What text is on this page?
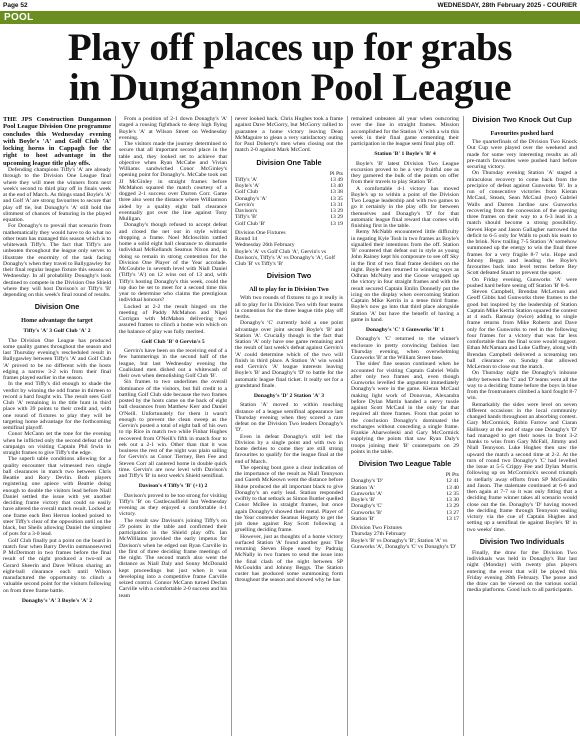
Page 52	WEDNESDAY, 28th February 2025 - COURIER
POOL
Play off places up for grabs
in Dungannon Pool League

THE JPS Construction Dungannon Pool League Division One programme concludes this Wednesday evening with Boyle's 'A' and Golf Club 'A' locking horns in Cappagh for the right to host advantage in the upcoming league title play offs.

Defending champions Tiffy's 'A' are already through to the Division One League final where they will meet the winners from next week's second to third play off in finals week at the end of March. As things stand Boyle's 'A' and Golf 'A' are strong favourites to secure that play off tie, but Donaghy's 'A' still hold the slimmest of chances of featuring in the played equation.

For Donaghy's to prevail that scenario from mathematically they would have to do what no other team has managed this season which is to whitewash Tiffy's. The fact that Tiffy's are unbeaten throughout the league only serves to illustrate the enormity of the task facing Donaghy's when they travel to Ballygawley for their final regular league fixture this season on Wednesday. In all probability Donaghy's look destined to compete in the Division One Shield where they will host Davison's or Tiffy's 'B' depending on this week's final round of results.

Division One
Home advantage the target

Tiffy's 'A' 3 Golf Club 'A' 2

The Division One League has produced some quality games throughout the season and last Thursday evening's rescheduled result in Ballygawley between Tiffy's 'A' and Golf Club 'A' proved to be no different with the hosts edging a narrow 3-2 win from their final frames played earlier in the season.

In the end Tiffy's did enough to shade the verdict by winning the odd frame in thirteen to record a hard fought win. The result sees Golf Club 'A' remaining in the title hunt in third place with 39 points to their credit and, with one round of fixtures to play they will be targeting home advantage for the forthcoming semifinal playoff.

Conor McCann set the tone for the evening when he inflicted only the second defeat of the campaign on visiting Captain Phil Irwin in straight frames to give Tiffy's the edge.

The superb table conditions allowing for a quality encounter that witnessed two single ball clearances in match two between Chris Beattie and Rory Devlin. Both players registering one apiece with Beattie doing enough to double the visitors lead before Niall Daniel settled the issue with yet another deciding frame victory that could so easily have altered the overall match result. Locked at one frame each Ben Herron looked poised to steer Tiffy's clear of the opposition until on the black, but Sheils allowing Daniel the simplest of pots for a 3-0 lead.

Golf Club finally put a point on the board in match four when Barry Devlin outmanoeuvred P McDermott in two frames before the final result of the night produced a two-nil as Gerard Sheerin and Dave Wilson sharing an eight-ball clearance each until Wilson manufactured the opportunity to clinch a valuable second point for the visitors following on from three frame battle.

Donaghy's 'A' 3 Boyle's 'A' 2

From a position of 2-1 down Donaghy's 'A' staged a rousing fightback to deny high flying Boyle's 'A' at Wilson Street on Wednesday evening.

The visitors made the journey determined to secure that all important second place in the table and, they looked set to achieve that objective when Ryan McCabe and Vivian Williams sandwiched Conor McGinley's opening point for Donaghy's. McCabe took out JJ McGinley in straight frames before McMahon squared the match courtesy of a dogged 2-1 success over Darren Corr. Game three also went the distance where Williamson aided by a quality eight ball clearance eventually got over the line against Tony Mulligan.

Donaghy's though refused to accept defeat and closed the net out in style without dropping a frame. Noel McIoscibin rattled home a solid eight ball clearance to dismantle individual McKellands Seamus Nixon and, in doing so remain in strong contention for the Division One Player of the Year accolade. McCoubrie in seventh level with Niall Daniel (Tiffy's 'A') on 12 wins out of 13 and, with Tiffy's hosting Donaghy's this week, could the top duo be set to meet for a second time this year to determine who claims the prestigious individual honours?

Locked at 2-2 the result hinged on the meeting of Paddy McMahon and Nigel Corrigan with McMahon delivering two assured frames to clinch a home win which on the balance of play was fully merited.

Golf Club 'B' 0 Gervin's 5

Gervin's have been on the receiving end of a few hammerings in the second half of the league, but last Wednesday evening the Coalisland men dished out a whitewash of their own when demolishing Golf Club 'B'.

Six frames to two underlines the overall dominance of the visitors, but full credit to a battling Golf Club side because the two frames posted by the hosts came on the back of eight ball clearances from Matthew Kerr and Daniel O'Neill. Unfortunately for them it wasn't enough to prevent the clean sweep as the Gervin's posted a total of eight ball of his own to rip Rice in match two while Finbar Hughes recovered from O'Neill's fifth in match four to eek out a 2-1 win. Other than that it was business the rest of the night was plain sailing for Gervin's as Conor Tierney, Ben Fee and Steven Corr all cantered home in double quick time. Gervin's are now level with Davison's and Tiffy's 'B' in next week's Shield semifinal.

Davison's 4 Tiffy's 'B' (+1) 2

Davison's proved to be too strong for visiting Tiffy's 'B' on Castlecaulfield last Wednesday evening as they enjoyed a comfortable 4-1 victory.

The result saw Davison's joining Tiffy's on 29 points in the table and confirmed their participation in the Shield play offs. Ian McWilliams provided the early impetus for Davison's when he edged out Ryan Carville in the first of three deciding frame meetings of the night. The second match also went the distance as Niall Daly and Sonny McDonald kept proceedings but just when it was developing into a competitive frame Carville seized control. Connor McCann turned Declan Carville with a comfortable 2-0 success and his team

never looked back. Chris Hughes took a frame against Dave McGorry, but McGorry rallied to guarantee a home victory leaving Dean McMaguire to glean a very satisfactory outing for Paul Doherty's men when closing out the match 2-0 against Mark McCord.

Division One Table
	Pl Pts
Tiffy's 'A'	13 49
Boyle's 'A'	13 40
Golf Club	13 38
Donaghy's 'A'	13 35
Gervin's	13 31
Davison's	13 29
Tiffy's 'B'	13 29
Golf Club 'B'	13 19
Division One Fixtures
Round 14
Wednesday 26th February
Boyle's 'A' vs Golf Club 'A', Gervin's vs Davison's, Tiffy's 'A' vs Donaghy's 'A', Golf Club 'B' vs Tiffy's 'B'
Division Two
All to play for in Division Two

With two rounds of fixtures to go it really is all to play for in Division Two with four teams in contention for the three league title play off berths.

Donaghy's 'C' currently hold a one point advantage over joint second Boyle's 'B' and Station 'A'. Crucially though is the fact that Station 'A' only have one game remaining and the result of last week's defeat against Gervin's 'A' could determine which of the two will finish in third place. A Station 'A' win would end Gervin's 'A' league interests leaving Boyle's 'B' and Donaghy's 'D' to battle for the automatic league final ticket. It really set for a grandstand finale.

Donaghy's 'D' 2 Station 'A' 3

Station 'A' moved to within touching distance of a league semifinal appearance last Thursday evening when they scored a rare defeat on the Division Two leaders Donaghy's 'D'.

Even in defeat Donaghy's still led the Division by a single point and with two in home derbies to come they are still strong favourites to qualify for the league final at the end of March.

The opening bout gave a clear indication of the importance of the result as Niall Tennyson and Gareth McKeown went the distance before Hulse produced the all important black to give Donaghy's an early lead. Station responded swiftly to that setback as Simon Buttler quelled Conor McBee in straight frames, but once again Donaghy's showed their metal. Player of the Year contender Seamus Hegarty to get the job done against Ray Scott following a gruelling deciding frame.

However, just as thoughts of a home victory surfaced Station 'A' found another gear. The returning Steven Hope eased by Padraig McNally in two frames to send the issue into the final clash of the night between SP McGouldin and Johnny Beggs. The Station custer has produced some summoning form throughout the season and showed why he has

remained unbeaten all year when outscoring over the line in straight frames. Mission accomplished for the Station 'A' with a win this week in their final game cementing their participation in the league semi final play off.

Station 'B' 1 Boyle's 'B' 4

Boyle's 'B' latest Division Two League excursion proved to be a very fruitful one as they garnered the bulk of the points on offer from their travels to play Station 'B'.

A comfortable 4-1 victory has moved Boyle's up to within a point of the Division Two League leadership and with two games to go it certainly in the play offs for between themselves and Donaghy's 'D' for that automatic league final reward that comes with finishing first in the table.

Remy McNabb encountered little difficulty in negating Kyle Tosh in two frames as Boyle's signalled their intentions from the off. Station 'B' countered that defeat out in style as young John Rainey kept his composure to see off Sky in the first of two final frame deciders on the night. Boyle then returned to winning ways as Odhran McNulty and the Goose wrapped up the victory in four straight frames and with the result secured Captain Emlin Donnelly put the icing on the display when overcoming Station Captain Mike Kerrin in a tense third frame. Boyle's now go into that third place alongside Station 'A' but have the benefit of having a game in hand.

Donaghy's 'C' 1 Gunworks 'B' 1

Donaghy's 'C' returned to the winner's enclosure in pretty convincing fashion last Thursday evening, when overwhelming Gunworks 'B' at the William Street base.

The sides' fine season continued when he accounted for visiting Captain Gabriel Walls after only two frames and, even though Gunworks levelled the argument immediately Donaghy's were in the game. Kieran McCaul making light work of Donovan, Alexandra before Dylan Martin handed a nervy tussle against Scott McCaul in the only far that required all three frames. From that point to the conclusion Donaghy's dominated the exchanges without conceding a single frame. Frankie Aharwoleski and Gary McCormick supplying the points that saw Ryan Daly's troops joining their 'B' counterparts on 29 points in the table.

Division Two League Table
	Pl Pts
Donaghy's 'D'	12 41
Station 'A'	13 40
Gunworks 'A'	12 35
Boyle's 'B'	13 30
Donaghy's 'C'	13 29
Gunworks 'B'	13 27
Station 'B'	13 17
Division Two Fixtures
Thursday 27th February
Boyle's 'B' vs Donaghy's 'B'; Station 'A' vs Gunworks 'A', Donaghy's 'C' vs Donaghy's 'D'
Division Two Knock Out Cup
Favourites pushed hard

The quarterfinals of the Division Two Knock Out Cup were played over the weekend and made for some very interesting results as all pre-match favourites were pushed hard before securing victory.

On Thursday evening Station 'A' staged a miraculous recovery to come back from the precipice of defeat against Gunworks 'B'. In a run of consecutive victories from Kieran McCaul, Steam, Sean McCaul (two) Gabriel Walls and Darren Jardine saw Gunworks recovering from the concession of the opening three frames on their way to a 6-3 lead in a match should become a strong possibility. Steven Hope and Jason Gallagher narrowed the deficit to 6-5 only for Walls to push his team to the brink. Now trailing 7-5 Station 'A' somehow summoned up the energy to win the final three frames for a very fragile 8-7 win. Hope and Johnny Beggs and leading the Boyle's favourites back into level terms before Rey Scott defeated Stuart to prevent the upset.

On Friday evening, Gunworks 'A' were pushed hard before seeing off Station 'B' 8-6.

Steven Campbell, Brendan McLernon and Geoff Gibbs had Gunworks three frames to the good but inspired by the leadership of Station Captain Mike Kerrin Station squared the contest at 4 each. Ramsay (twice) adding to single frame returns from Mike Roberts and Dave only for the Gunworks to reel in the following four frames for a victory that was far less comfortable than the final score would suggest. Ethan McNamara and Luke Gaffney, along with Brendan Campbell delivered a screaming ten ball clearance on Sunday that allowed McLernon to close out the match.

On Thursday night the Donaghy's inhouse derby between the 'C' and 'D' teams went all the way to a deciding frame before the boys in blue from the frontrunners climbed a hard fought 8-7 win.

Remarkably the sides were level on seven different occasions in the local community changed hands throughout an absorbing contest. Gary McCormick, Robin Farrow and Ciaran Hallissey at the end of stage one Donaghy's 'D' had managed to get their noses in front 3-2 thanks to wins from Gary McFall, Jimmy and Niall Tennyson. Luke Hughes then saw the upward the match a second time at 2-2. At the turn of round two Donaghy's 'C' had levelled the issue at 5-5 Crippy Fee and Dylan Morris following up on McCormick's second triumph to stellarly away efforts from SP McGouldin and Jason. The stalemate continued at 6-6 and then again at 7-7 so it was only fitting that a deciding frame winner takes all scenario would close out the tie. Donaghy's 'D' having moved the deciding frame through Tennyson sealing victory via the cue of Captain Hughes and setting up a semifinal tie against Boyle's 'B' in two weeks' time.

Division Two Individuals

Finally, the draw for the Division Two individuals was held in Donaghy's Bar last night (Monday) with twenty plus players entering the event that will be played this Friday evening 28th February. The posse and the draw can be viewed on the various social media platforms. Good luck to all participants.
